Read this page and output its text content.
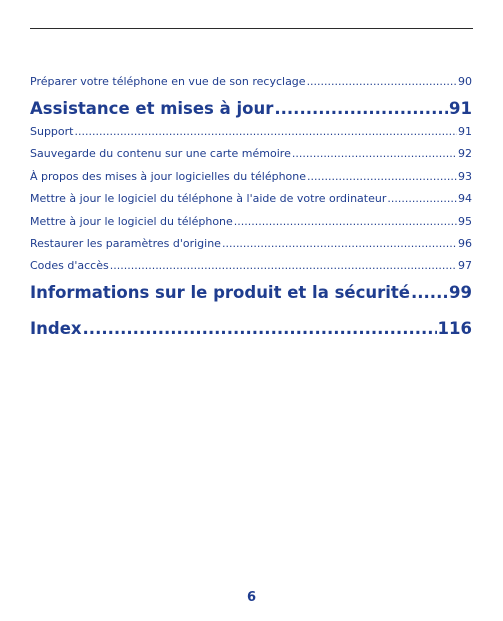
Préparer votre téléphone en vue de son recyclage .....	90
Assistance et mises à jour .....	91
Support .....	91
Sauvegarde du contenu sur une carte mémoire .....	92
À propos des mises à jour logicielles du téléphone .....	93
Mettre à jour le logiciel du téléphone à l'aide de votre ordinateur .....	94
Mettre à jour le logiciel du téléphone .....	95
Restaurer les paramètres d'origine .....	96
Codes d'accès .....	97
Informations sur le produit et la sécurité ..... 99
Index .....	116
6
